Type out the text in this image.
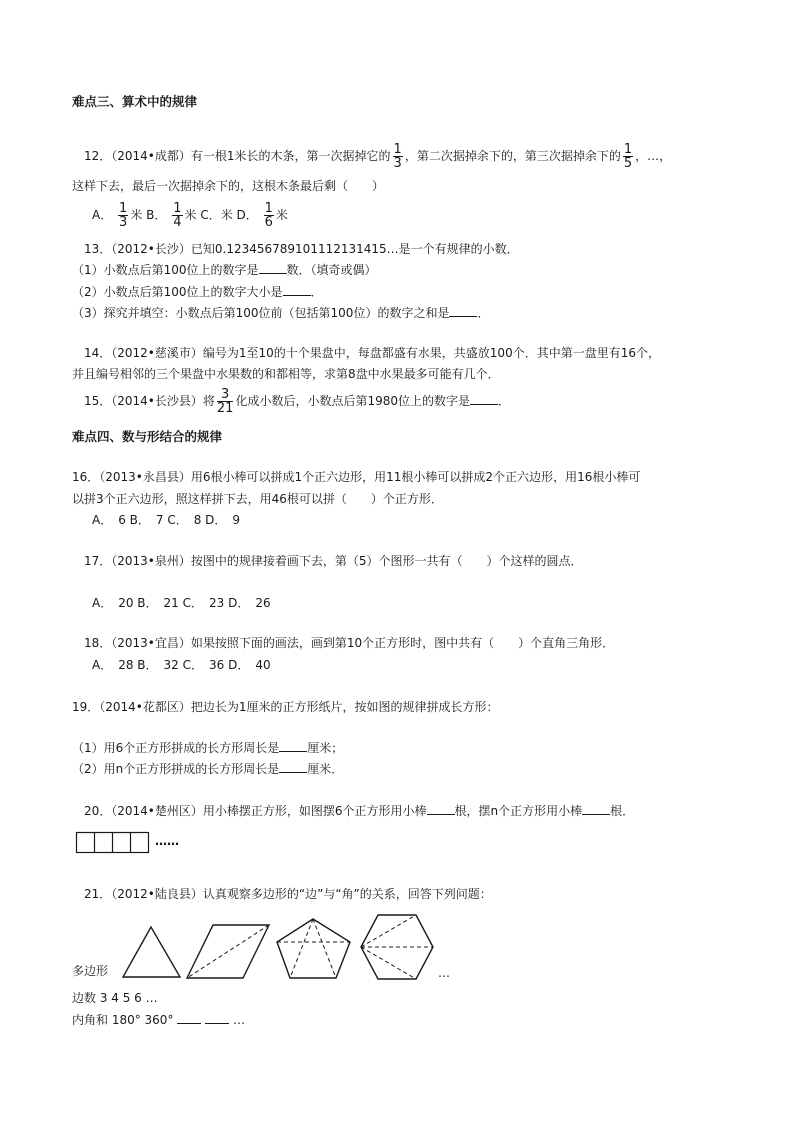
难点三、算术中的规律
12．（2014•成都）有一根1米长的木条，第一次据掉它的 $\frac{1}{3}$ ，第二次据掉余下的，第三次据掉余下的 $\frac{1}{5}$ ，…，
这样下去，最后一次据掉余下的，这根木条最后剩（　　）
A． $\frac{1}{3}$ 米 B． $\frac{1}{4}$ 米 C．米 D． $\frac{1}{6}$ 米
13．（2012•长沙）已知0.123456789101112131415…是一个有规律的小数．
（1）小数点后第100位上的数字是 数．（填奇或偶）
（2）小数点后第100位上的数字大小是 ．
（3）探究并填空：小数点后第100位前（包括第100位）的数字之和是 ．
14．（2012•慈溪市）编号为1至10的十个果盘中，每盘都盛有水果，共盛放100个．其中第一盘里有16个，
并且编号相邻的三个果盘中水果数的和都相等，求第8盘中水果最多可能有几个．
15．（2014•长沙县）将 $\frac{3}{21}$ 化成小数后，小数点后第1980位上的数字是 ．
难点四、数与形结合的规律
16．（2013•永昌县）用6根小棒可以拼成1个正六边形，用11根小棒可以拼成2个正六边形，用16根小棒可
以拼3个正六边形，照这样拼下去，用46根可以拼（　　）个正方形．
A．　6 B．　7 C．　8 D．　9
17．（2013•泉州）按图中的规律接着画下去，第（5）个图形一共有（　　）个这样的圆点．
A．　20 B．　21 C．　23 D．　26
18．（2013•宜昌）如果按照下面的画法，画到第10个正方形时，图中共有（　　）个直角三角形．
A．　28 B．　32 C．　36 D．　40
19．（2014•花都区）把边长为1厘米的正方形纸片，按如图的规律拼成长方形：
（1）用6个正方形拼成的长方形周长是 厘米；
（2）用n个正方形拼成的长方形周长是 厘米．
20．（2014•楚州区）用小棒摆正方形，如图摆6个正方形用小棒 根，摆n个正方形用小棒 根．
……
21．（2012•陆良县）认真观察多边形的“边”与“角”的关系，回答下列问题：
多边形	…
边数 3 4 5 6 …
内角和 180° 360°	…
